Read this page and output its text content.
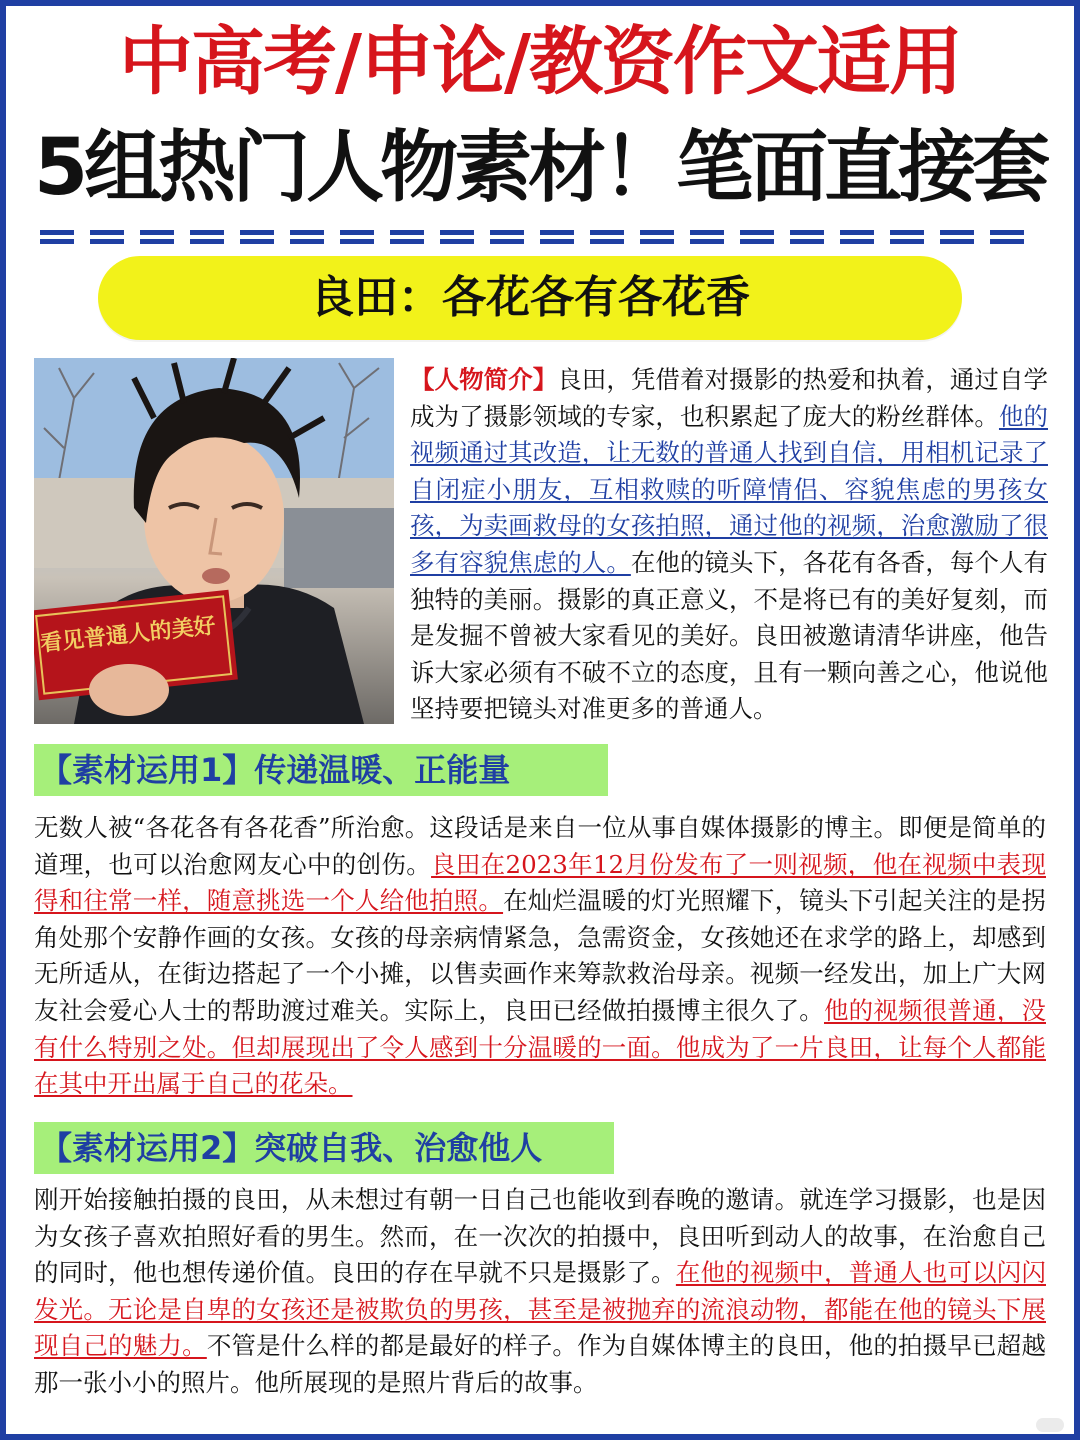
中高考/申论/教资作文适用
5组热门人物素材！笔面直接套
良田：各花各有各花香
看见普通人的美好
【人物简介】良田，凭借着对摄影的热爱和执着，通过自学成为了摄影领域的专家，也积累起了庞大的粉丝群体。他的视频通过其改造，让无数的普通人找到自信，用相机记录了自闭症小朋友，互相救赎的听障情侣、容貌焦虑的男孩女孩，为卖画救母的女孩拍照，通过他的视频，治愈激励了很多有容貌焦虑的人。在他的镜头下，各花有各香，每个人有独特的美丽。摄影的真正意义，不是将已有的美好复刻，而是发掘不曾被大家看见的美好。良田被邀请清华讲座，他告诉大家必须有不破不立的态度，且有一颗向善之心，他说他坚持要把镜头对准更多的普通人。
【素材运用1】传递温暖、正能量
无数人被“各花各有各花香”所治愈。这段话是来自一位从事自媒体摄影的博主。即便是简单的道理，也可以治愈网友心中的创伤。良田在2023年12月份发布了一则视频，他在视频中表现得和往常一样，随意挑选一个人给他拍照。在灿烂温暖的灯光照耀下，镜头下引起关注的是拐角处那个安静作画的女孩。女孩的母亲病情紧急，急需资金，女孩她还在求学的路上，却感到无所适从，在街边搭起了一个小摊，以售卖画作来筹款救治母亲。视频一经发出，加上广大网友社会爱心人士的帮助渡过难关。实际上，良田已经做拍摄博主很久了。他的视频很普通，没有什么特别之处。但却展现出了令人感到十分温暖的一面。他成为了一片良田，让每个人都能在其中开出属于自己的花朵。
【素材运用2】突破自我、治愈他人
刚开始接触拍摄的良田，从未想过有朝一日自己也能收到春晚的邀请。就连学习摄影，也是因为女孩子喜欢拍照好看的男生。然而，在一次次的拍摄中，良田听到动人的故事，在治愈自己的同时，他也想传递价值。良田的存在早就不只是摄影了。在他的视频中，普通人也可以闪闪发光。无论是自卑的女孩还是被欺负的男孩，甚至是被抛弃的流浪动物，都能在他的镜头下展现自己的魅力。不管是什么样的都是最好的样子。作为自媒体博主的良田，他的拍摄早已超越那一张小小的照片。他所展现的是照片背后的故事。
